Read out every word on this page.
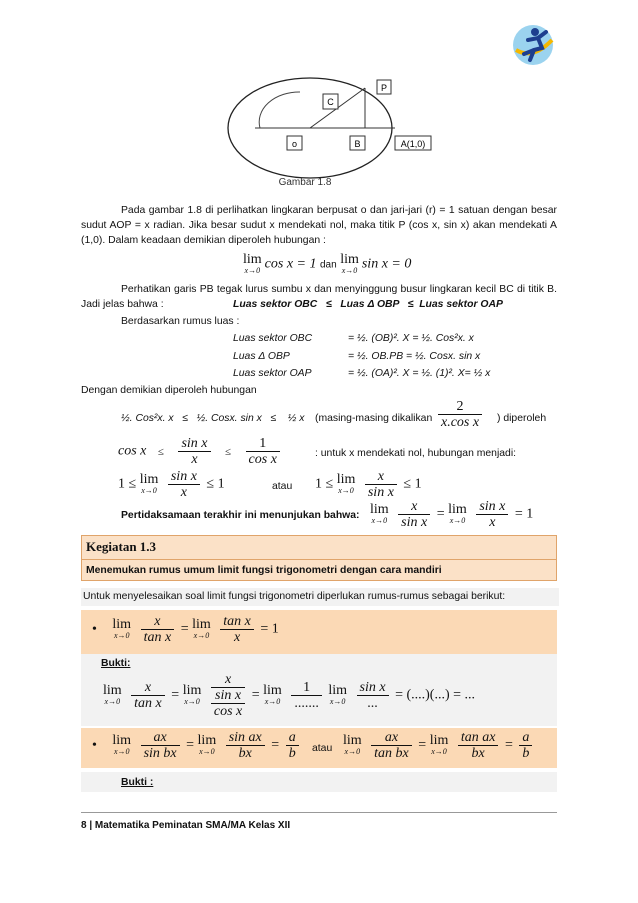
C
P
o	B	A(1,0)
Gambar 1.8
Pada gambar 1.8 di perlihatkan lingkaran berpusat o dan jari-jari (r) = 1 satuan dengan besar sudut AOP = x radian. Jika besar sudut x mendekati nol, maka titik P (cos x, sin x) akan mendekati A (1,0). Dalam keadaan demikian diperoleh hubungan :
lim
x→0 cos x = 1 dan lim
x→0 sin x = 0
Perhatikan garis PB tegak lurus sumbu x dan menyinggung busur lingkaran kecil BC di titik B. Jadi jelas bahwa :	Luas sektor OBC   ≤   Luas Δ OBP   ≤  Luas sektor OAP
Berdasarkan rumus luas :
Luas sektor OBC	= ½. (OB)². X = ½. Cos²x. x
Luas Δ OBP	= ½. OB.PB = ½. Cosx. sin x
Luas sektor OAP	= ½. (OA)². X = ½. (1)². X= ½ x
Dengan demikian diperoleh hubungan
½. Cos²x. x   ≤   ½. Cosx. sin x   ≤    ½ x (masing-masing dikalikan $\frac{2}{\text{x.cos x}}$ ) diperoleh
$\cos x \le \frac{\text{sin x}}{x} \le \frac{1}{\text{cos x}}$	: untuk x mendekati nol, hubungan menjadi:
1 ≤ lim
x→0
$\frac{\text{sin x}}{x} \le 1$	atau 1 ≤ lim
x→0
$\frac{x}{\text{sin x}} \le 1$
Pertidaksamaan terakhir ini menunjukan bahwa: lim
x→0
$\frac{x}{\text{sin x}} = \lim$
x→0
$\frac{\text{sin x}}{x} = 1$
Kegiatan 1.3
Menemukan rumus umum limit fungsi trigonometri dengan cara mandiri
Untuk menyelesaikan soal limit fungsi trigonometri diperlukan rumus-rumus sebagai berikut:
• lim
x→0
$\frac{x}{\text{tan x}} = \lim$
x→0
$\frac{\text{tan x}}{x} = 1$
Bukti:
lim
x→0
$\frac{x}{\text{tan x}} = \lim$
x→0

x
sin x
cos x
= lim
x→0

1
.......

lim
x→0

sin x
...
= (....)(...) = ...
• lim
x→0
$\frac{ax}{\text{sin bx}} = \lim$
x→0
$\frac{\text{sin ax}}{bx} = \frac{a}{b}$ atau
lim
x→0
$\frac{ax}{\text{tan bx}} = \lim$
x→0
$\frac{\text{tan ax}}{bx} = \frac{a}{b}$
Bukti :
8 | Matematika Peminatan SMA/MA Kelas XII
